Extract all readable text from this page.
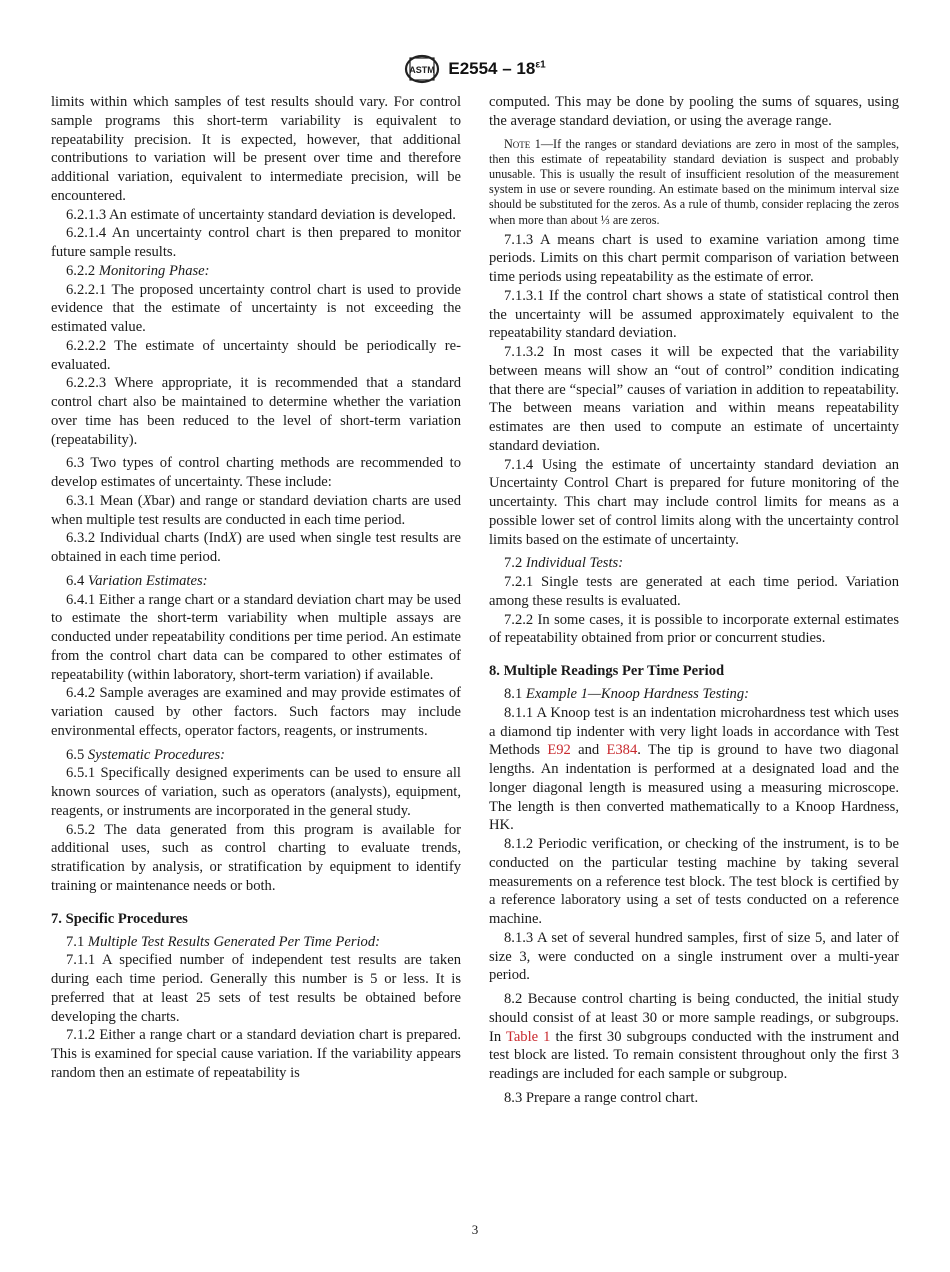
ASTM $E2554 - 18^{\varepsilon 1}$

limits within which samples of test results should vary. For control sample programs this short-term variability is equivalent to repeatability precision. It is expected, however, that additional contributions to variation will be present over time and therefore additional variation, equivalent to intermediate precision, will be encountered.

6.2.1.3 An estimate of uncertainty standard deviation is developed.

6.2.1.4 An uncertainty control chart is then prepared to monitor future sample results.

6.2.2 Monitoring Phase:

6.2.2.1 The proposed uncertainty control chart is used to provide evidence that the estimate of uncertainty is not exceeding the estimated value.

6.2.2.2 The estimate of uncertainty should be periodically re-evaluated.

6.2.2.3 Where appropriate, it is recommended that a standard control chart also be maintained to determine whether the variation over time has been reduced to the level of short-term variation (repeatability).

6.3 Two types of control charting methods are recommended to develop estimates of uncertainty. These include:

6.3.1 Mean (Xbar) and range or standard deviation charts are used when multiple test results are conducted in each time period.

6.3.2 Individual charts (IndX) are used when single test results are obtained in each time period.

6.4 Variation Estimates:

6.4.1 Either a range chart or a standard deviation chart may be used to estimate the short-term variability when multiple assays are conducted under repeatability conditions per time period. An estimate from the control chart data can be compared to other estimates of repeatability (within laboratory, short-term variation) if available.

6.4.2 Sample averages are examined and may provide estimates of variation caused by other factors. Such factors may include environmental effects, operator factors, reagents, or instruments.

6.5 Systematic Procedures:

6.5.1 Specifically designed experiments can be used to ensure all known sources of variation, such as operators (analysts), equipment, reagents, or instruments are incorporated in the general study.

6.5.2 The data generated from this program is available for additional uses, such as control charting to evaluate trends, stratification by analysis, or stratification by equipment to identify training or maintenance needs or both.

7. Specific Procedures

7.1 Multiple Test Results Generated Per Time Period:

7.1.1 A specified number of independent test results are taken during each time period. Generally this number is 5 or less. It is preferred that at least 25 sets of test results be obtained before developing the charts.

7.1.2 Either a range chart or a standard deviation chart is prepared. This is examined for special cause variation. If the variability appears random then an estimate of repeatability is

computed. This may be done by pooling the sums of squares, using the average standard deviation, or using the average range.

Note 1—If the ranges or standard deviations are zero in most of the samples, then this estimate of repeatability standard deviation is suspect and probably unusable. This is usually the result of insufficient resolution of the measurement system in use or severe rounding. An estimate based on the minimum interval size should be substituted for the zeros. As a rule of thumb, consider replacing the zeros when more than about ⅓ are zeros.

7.1.3 A means chart is used to examine variation among time periods. Limits on this chart permit comparison of variation between time periods using repeatability as the estimate of error.

7.1.3.1 If the control chart shows a state of statistical control then the uncertainty will be assumed approximately equivalent to the repeatability standard deviation.

7.1.3.2 In most cases it will be expected that the variability between means will show an “out of control” condition indicating that there are “special” causes of variation in addition to repeatability. The between means variation and within means repeatability estimates are then used to compute an estimate of uncertainty standard deviation.

7.1.4 Using the estimate of uncertainty standard deviation an Uncertainty Control Chart is prepared for future monitoring of the uncertainty. This chart may include control limits for means as a possible lower set of control limits along with the uncertainty control limits based on the estimate of uncertainty.

7.2 Individual Tests:

7.2.1 Single tests are generated at each time period. Variation among these results is evaluated.

7.2.2 In some cases, it is possible to incorporate external estimates of repeatability obtained from prior or concurrent studies.

8. Multiple Readings Per Time Period

8.1 Example 1—Knoop Hardness Testing:

8.1.1 A Knoop test is an indentation microhardness test which uses a diamond tip indenter with very light loads in accordance with Test Methods E92 and E384. The tip is ground to have two diagonal lengths. An indentation is performed at a designated load and the longer diagonal length is measured using a measuring microscope. The length is then converted mathematically to a Knoop Hardness, HK.

8.1.2 Periodic verification, or checking of the instrument, is to be conducted on the particular testing machine by taking several measurements on a reference test block. The test block is certified by a reference laboratory using a set of tests conducted on a reference machine.

8.1.3 A set of several hundred samples, first of size 5, and later of size 3, were conducted on a single instrument over a multi-year period.

8.2 Because control charting is being conducted, the initial study should consist of at least 30 or more sample readings, or subgroups. In Table 1 the first 30 subgroups conducted with the instrument and test block are listed. To remain consistent throughout only the first 3 readings are included for each sample or subgroup.

8.3 Prepare a range control chart.

3
